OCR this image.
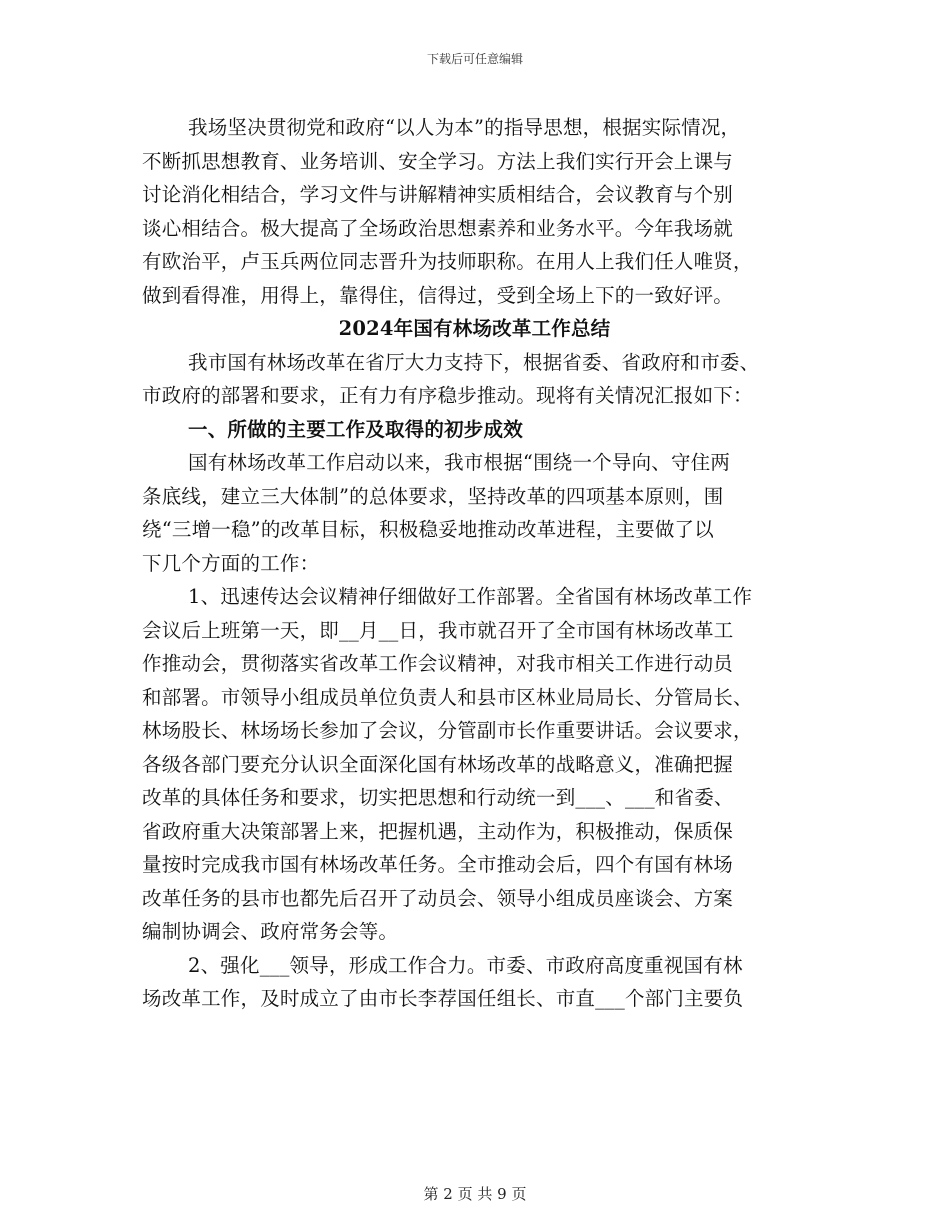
下载后可任意编辑
我场坚决贯彻党和政府“以人为本”的指导思想，根据实际情况，
不断抓思想教育、业务培训、安全学习。方法上我们实行开会上课与
讨论消化相结合，学习文件与讲解精神实质相结合，会议教育与个别
谈心相结合。极大提高了全场政治思想素养和业务水平。今年我场就
有欧治平，卢玉兵两位同志晋升为技师职称。在用人上我们任人唯贤，
做到看得准，用得上，靠得住，信得过，受到全场上下的一致好评。
2024年国有林场改革工作总结
我市国有林场改革在省厅大力支持下，根据省委、省政府和市委、
市政府的部署和要求，正有力有序稳步推动。现将有关情况汇报如下：
一、所做的主要工作及取得的初步成效
国有林场改革工作启动以来，我市根据“围绕一个导向、守住两
条底线，建立三大体制”的总体要求，坚持改革的四项基本原则，围
绕“三增一稳”的改革目标，积极稳妥地推动改革进程，主要做了以
下几个方面的工作：
1、迅速传达会议精神仔细做好工作部署。全省国有林场改革工作
会议后上班第一天，即__月__日，我市就召开了全市国有林场改革工
作推动会，贯彻落实省改革工作会议精神，对我市相关工作进行动员
和部署。市领导小组成员单位负责人和县市区林业局局长、分管局长、
林场股长、林场场长参加了会议，分管副市长作重要讲话。会议要求，
各级各部门要充分认识全面深化国有林场改革的战略意义，准确把握
改革的具体任务和要求，切实把思想和行动统一到___、___和省委、
省政府重大决策部署上来，把握机遇，主动作为，积极推动，保质保
量按时完成我市国有林场改革任务。全市推动会后，四个有国有林场
改革任务的县市也都先后召开了动员会、领导小组成员座谈会、方案
编制协调会、政府常务会等。
2、强化___领导，形成工作合力。市委、市政府高度重视国有林
场改革工作，及时成立了由市长李荐国任组长、市直___个部门主要负
第 2 页 共 9 页
